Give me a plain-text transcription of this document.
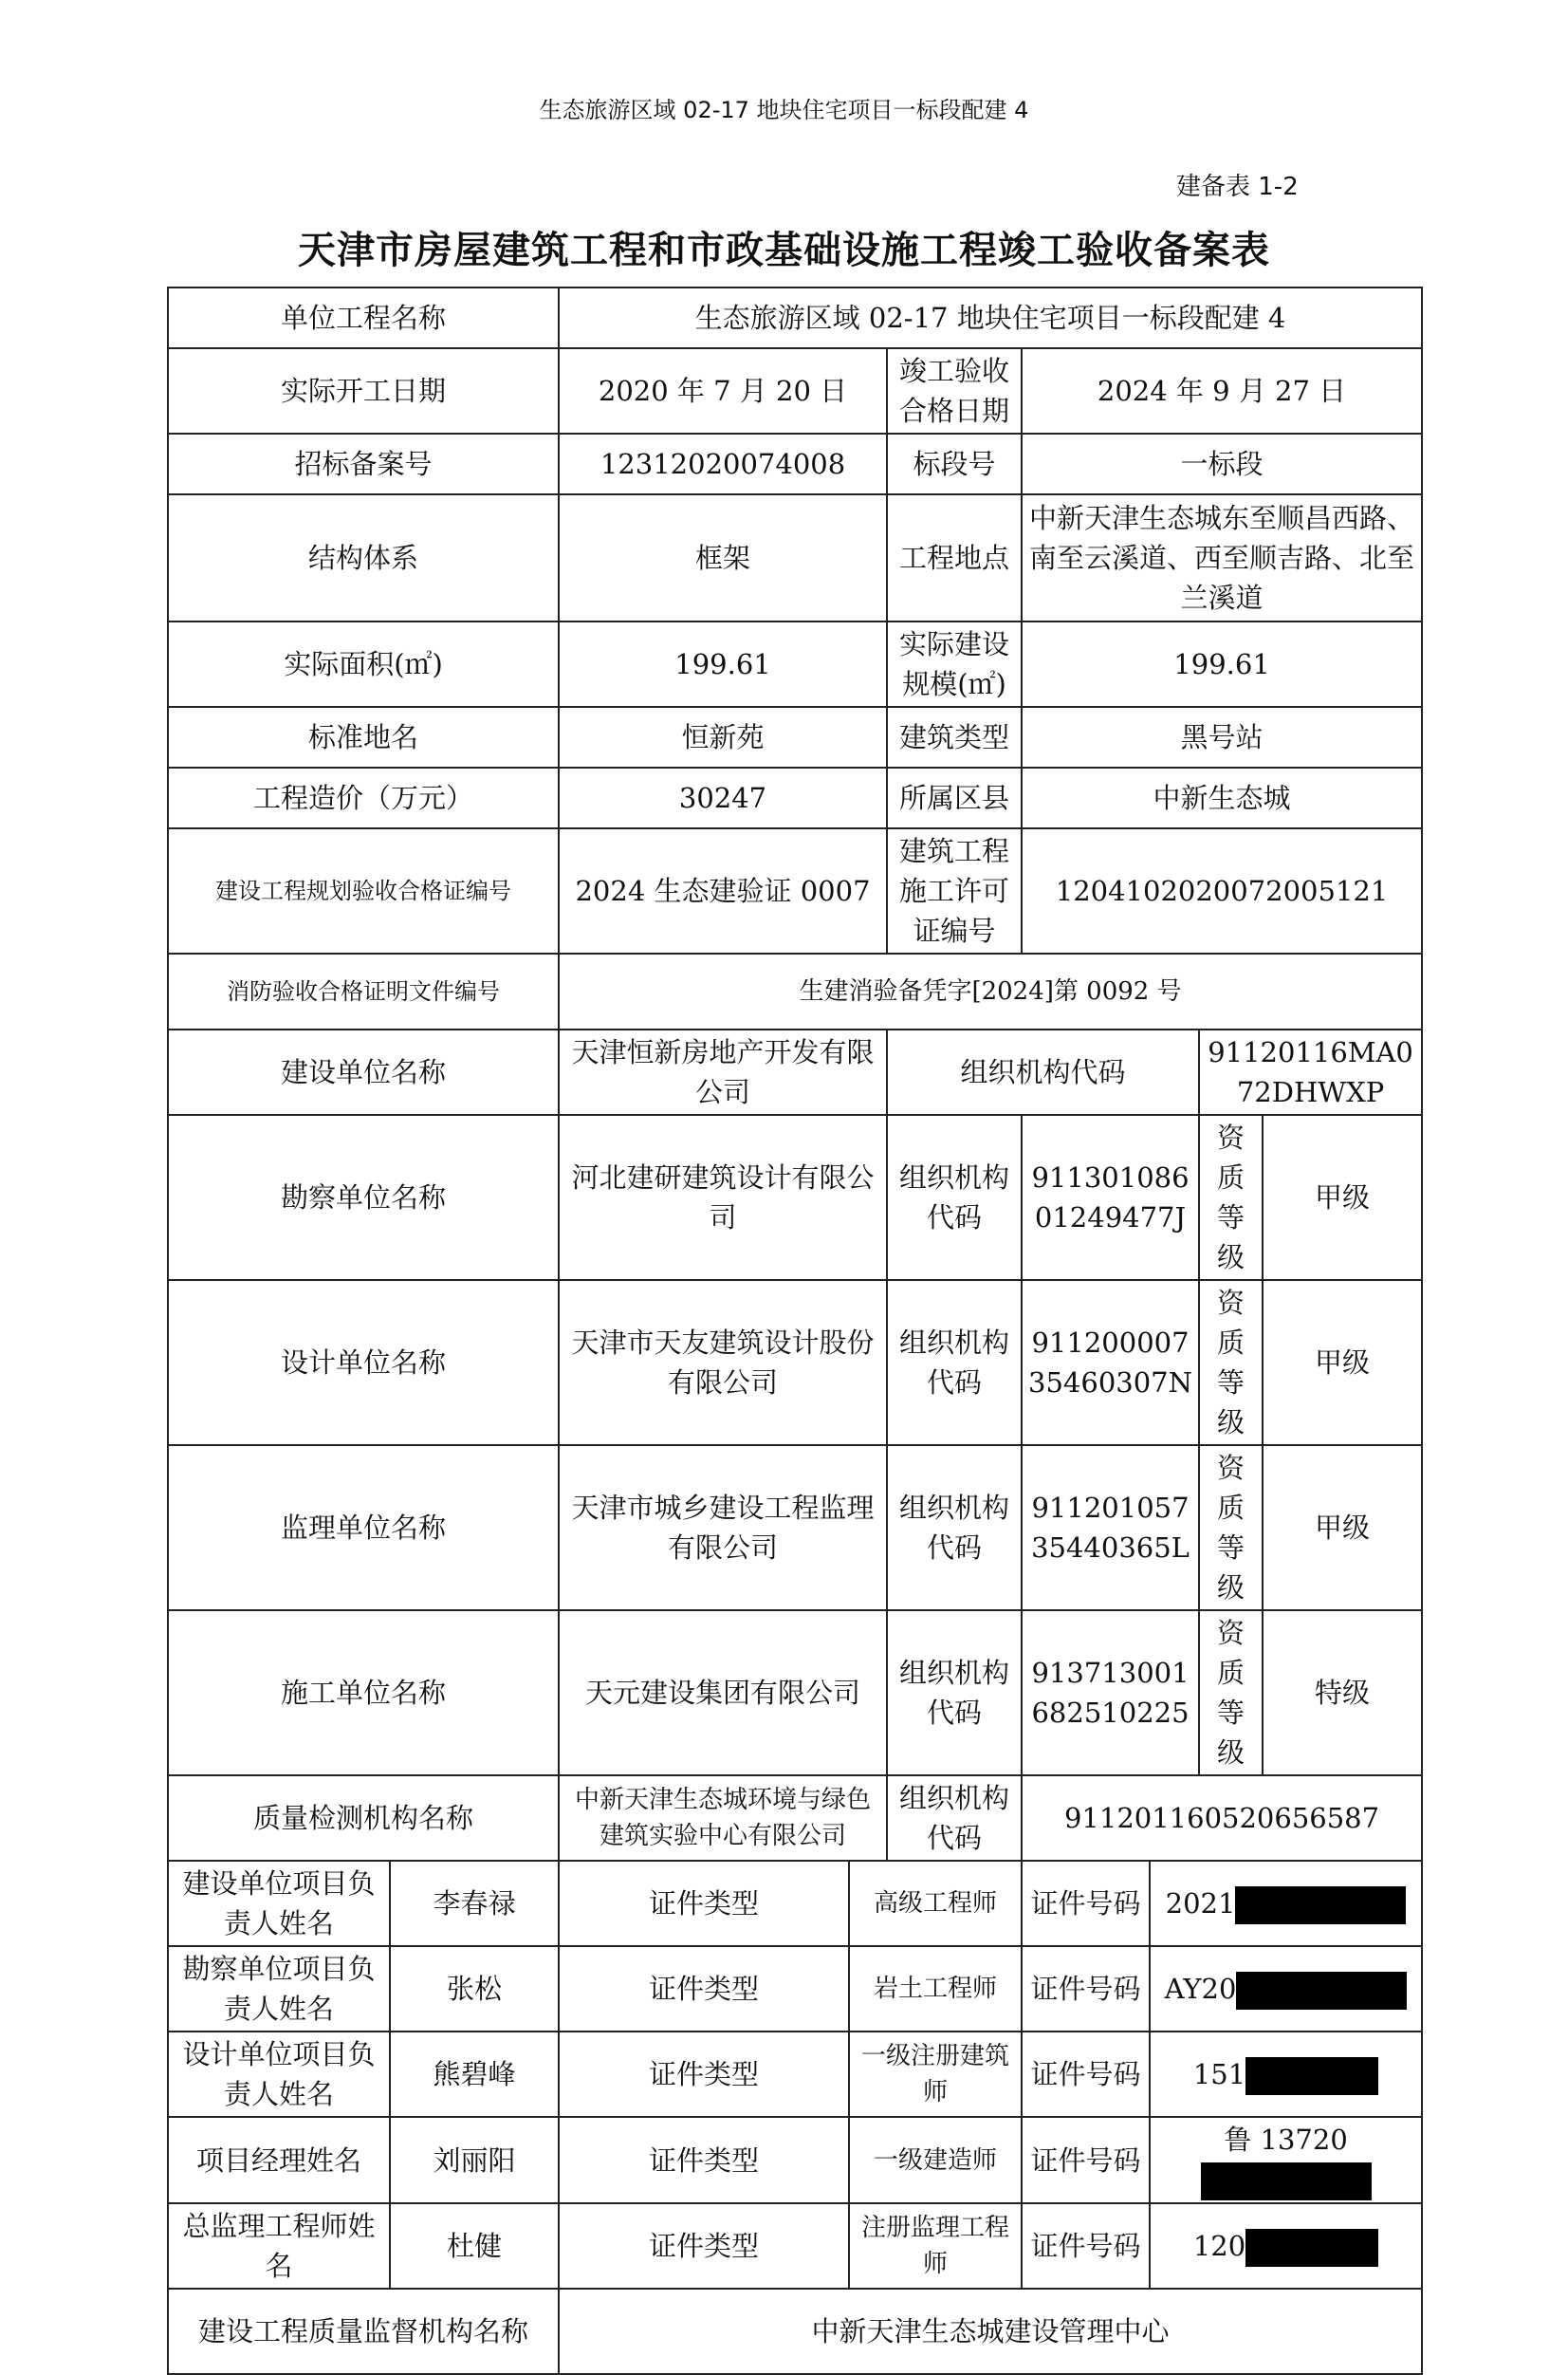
生态旅游区域 02-17 地块住宅项目一标段配建 4
建备表 1-2
天津市房屋建筑工程和市政基础设施工程竣工验收备案表
单位工程名称		生态旅游区域 02-17 地块住宅项目一标段配建 4						
实际开工日期		2020 年 7 月 20 日		竣工验收合格日期	2024 年 9 月 27 日			
招标备案号		12312020074008		标段号	一标段			
结构体系		框架		工程地点	中新天津生态城东至顺昌西路、南至云溪道、西至顺吉路、北至兰溪道			
实际面积(㎡)		199.61		实际建设规模(㎡)	199.61			
标准地名		恒新苑		建筑类型	黑号站			
工程造价（万元）		30247		所属区县	中新生态城			
建设工程规划验收合格证编号		2024 生态建验证 0007		建筑工程施工许可证编号	12041020200720051​21			
消防验收合格证明文件编号		生建消验备凭字[2024]第 0092 号						
建设单位名称		天津恒新房地产开发有限公司		组织机构代码			91120116MA072DHWXP	
勘察单位名称		河北建研建筑设计有限公司		组织机构代码	91130108601249477J		资质等级	甲级
设计单位名称		天津市天友建筑设计股份有限公司		组织机构代码	91120000735460307N		资质等级	甲级
监理单位名称		天津市城乡建设工程监理有限公司		组织机构代码	91120105735440365L		资质等级	甲级
施工单位名称		天元建设集团有限公司		组织机构代码	913713001682510225		资质等级	特级
质量检测机构名称		中新天津生态城环境与绿色建筑实验中心有限公司		组织机构代码	911201160520656587			
建设单位项目负责人姓名	李春禄	证件类型	高级工程师		证件号码	2021		
勘察单位项目负责人姓名	张松	证件类型	岩土工程师		证件号码	AY20		
设计单位项目负责人姓名	熊碧峰	证件类型	一级注册建筑师		证件号码	151		
项目经理姓名	刘丽阳	证件类型	一级建造师		证件号码	鲁 13720		
总监理工程师姓名	杜健	证件类型	注册监理工程师		证件号码	120		
建设工程质量监督机构名称		中新天津生态城建设管理中心						
